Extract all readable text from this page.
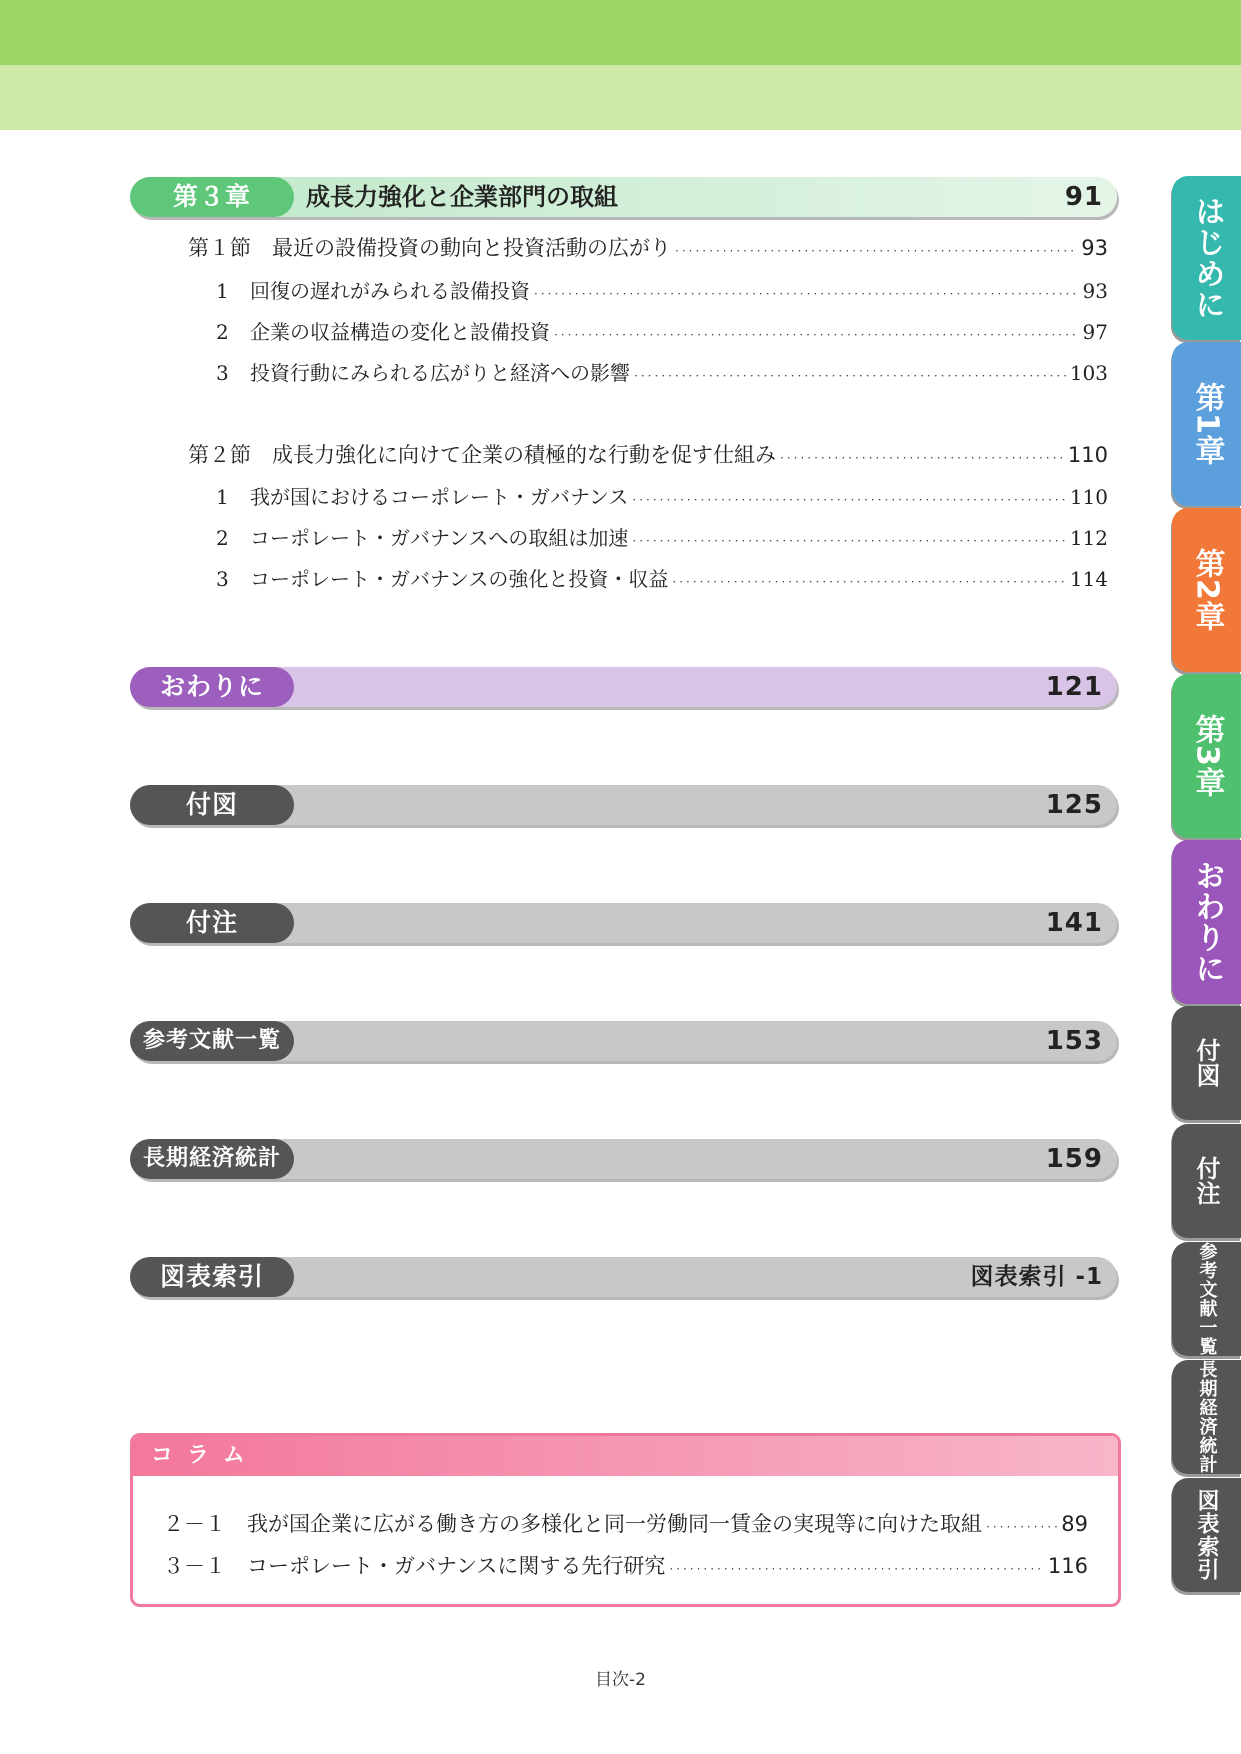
第３章	成長力強化と企業部門の取組	91
第１節　最近の設備投資の動向と投資活動の広がり ·····	93
1 回復の遅れがみられる設備投資 ·····	93
2 企業の収益構造の変化と設備投資 ·····	97
3 投資行動にみられる広がりと経済への影響 ·····	103
第２節　成長力強化に向けて企業の積極的な行動を促す仕組み ·····	110
1 我が国におけるコーポレート・ガバナンス ·····	110
2 コーポレート・ガバナンスへの取組は加速 ·····	112
3 コーポレート・ガバナンスの強化と投資・収益 ·····	114
おわりに	121
付図	125
付注	141
参考文献一覧	153
長期経済統計	159
図表索引	図表索引 -1
コラム
２－１ 我が国企業に広がる働き方の多様化と同一労働同一賃金の実現等に向けた取組 ·····	89
３－１ コーポレート・ガバナンスに関する先行研究 ·····	116
はじめに
第1章
第2章
第3章
おわりに
付図
付注
参考文献一覧
長期経済統計
図表索引
目次-2
